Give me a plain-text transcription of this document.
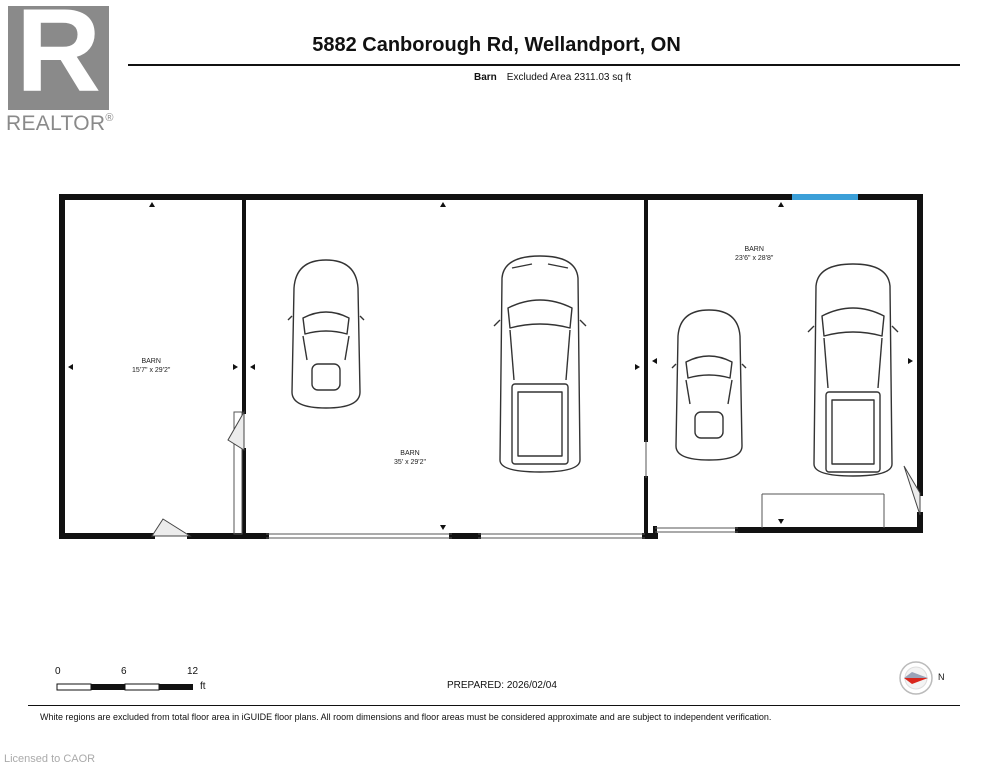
R
REALTOR®
5882 Canborough Rd, Wellandport, ON
Barn Excluded Area 2311.03 sq ft
BARN
15'7" x 29'2"
BARN
35' x 29'2"
BARN
23'6" x 28'8"
0	6	12
ft	PREPARED: 2026/02/04
N
White regions are excluded from total floor area in iGUIDE floor plans. All room dimensions and floor areas must be considered approximate and are subject to independent verification.
Licensed to CAOR
